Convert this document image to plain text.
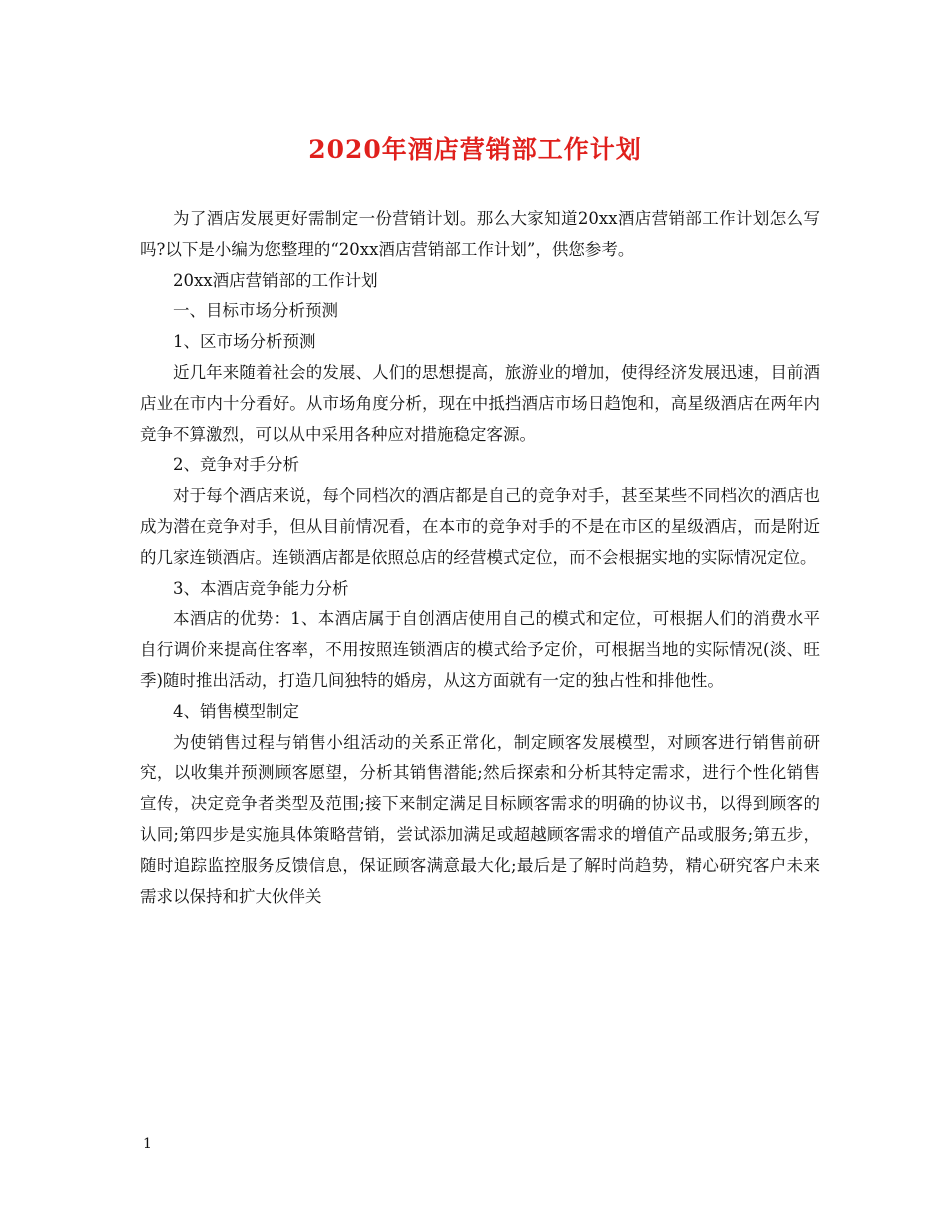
2020年酒店营销部工作计划

为了酒店发展更好需制定一份营销计划。那么大家知道20xx酒店营销部工作计划怎么写吗?以下是小编为您整理的“20xx酒店营销部工作计划”，供您参考。

20xx酒店营销部的工作计划

一、目标市场分析预测

1、区市场分析预测

近几年来随着社会的发展、人们的思想提高，旅游业的增加，使得经济发展迅速，目前酒店业在市内十分看好。从市场角度分析，现在中抵挡酒店市场日趋饱和，高星级酒店在两年内竞争不算激烈，可以从中采用各种应对措施稳定客源。

2、竞争对手分析

对于每个酒店来说，每个同档次的酒店都是自己的竞争对手，甚至某些不同档次的酒店也成为潜在竞争对手，但从目前情况看，在本市的竞争对手的不是在市区的星级酒店，而是附近的几家连锁酒店。连锁酒店都是依照总店的经营模式定位，而不会根据实地的实际情况定位。

3、本酒店竞争能力分析

本酒店的优势：1、本酒店属于自创酒店使用自己的模式和定位，可根据人们的消费水平自行调价来提高住客率，不用按照连锁酒店的模式给予定价，可根据当地的实际情况(淡、旺季)随时推出活动，打造几间独特的婚房，从这方面就有一定的独占性和排他性。

4、销售模型制定

为使销售过程与销售小组活动的关系正常化，制定顾客发展模型，对顾客进行销售前研究，以收集并预测顾客愿望，分析其销售潜能;然后探索和分析其特定需求，进行个性化销售宣传，决定竞争者类型及范围;接下来制定满足目标顾客需求的明确的协议书，以得到顾客的认同;第四步是实施具体策略营销，尝试添加满足或超越顾客需求的增值产品或服务;第五步，随时追踪监控服务反馈信息，保证顾客满意最大化;最后是了解时尚趋势，精心研究客户未来需求以保持和扩大伙伴关

1
